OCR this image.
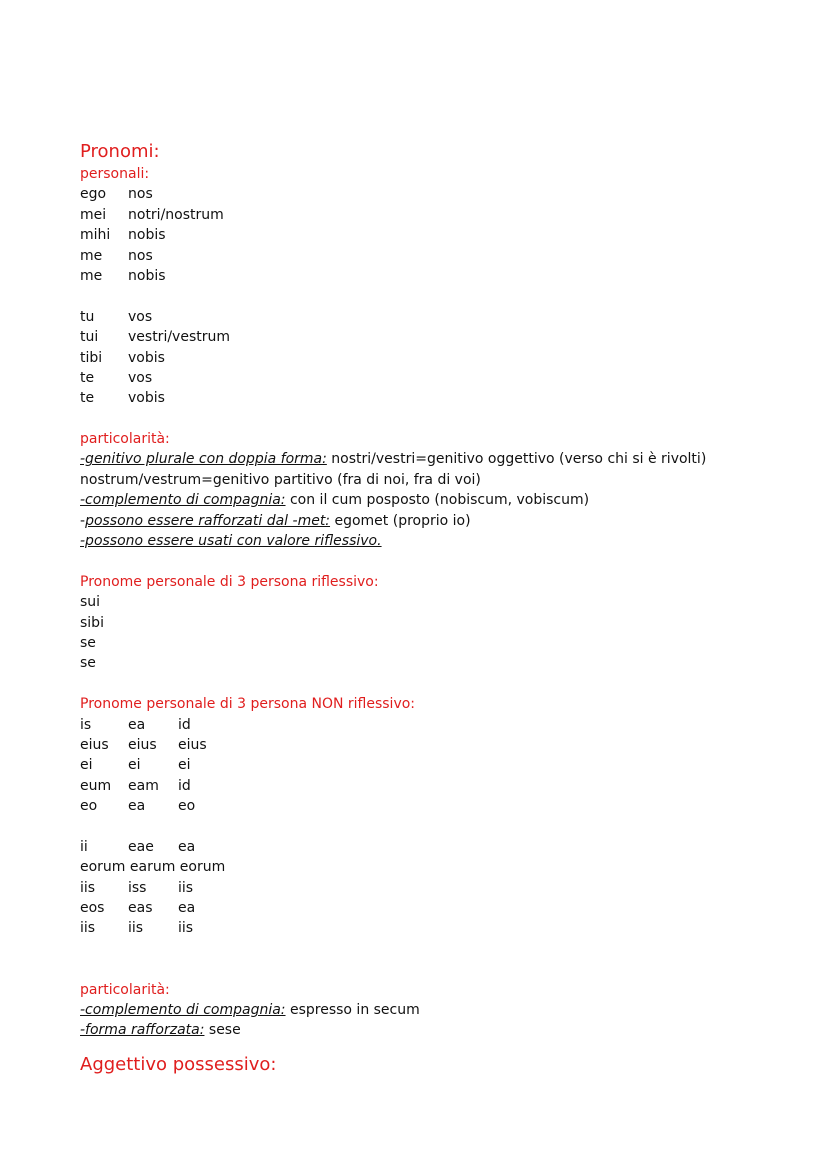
Pronomi:
personali:
ego nos
mei notri/nostrum
mihi nobis
me nos
me nobis
tu vos
tui vestri/vestrum
tibi vobis
te vos
te vobis
particolarità:
-genitivo plurale con doppia forma: nostri/vestri=genitivo oggettivo (verso chi si è rivolti)
nostrum/vestrum=genitivo partitivo (fra di noi, fra di voi)
-complemento di compagnia: con il cum posposto (nobiscum, vobiscum)
-possono essere rafforzati dal -met: egomet (proprio io)
-possono essere usati con valore riflessivo.
Pronome personale di 3 persona riflessivo:
sui
sibi
se
se
Pronome personale di 3 persona NON riflessivo:
is	ea id
eius eius eius
ei	ei	ei
eum eam id
eo ea eo
ii	eae ea
eorum earum eorum
iis iss iis
eos eas ea
iis iis iis
particolarità:
-complemento di compagnia: espresso in secum
-forma rafforzata: sese
Aggettivo possessivo:
